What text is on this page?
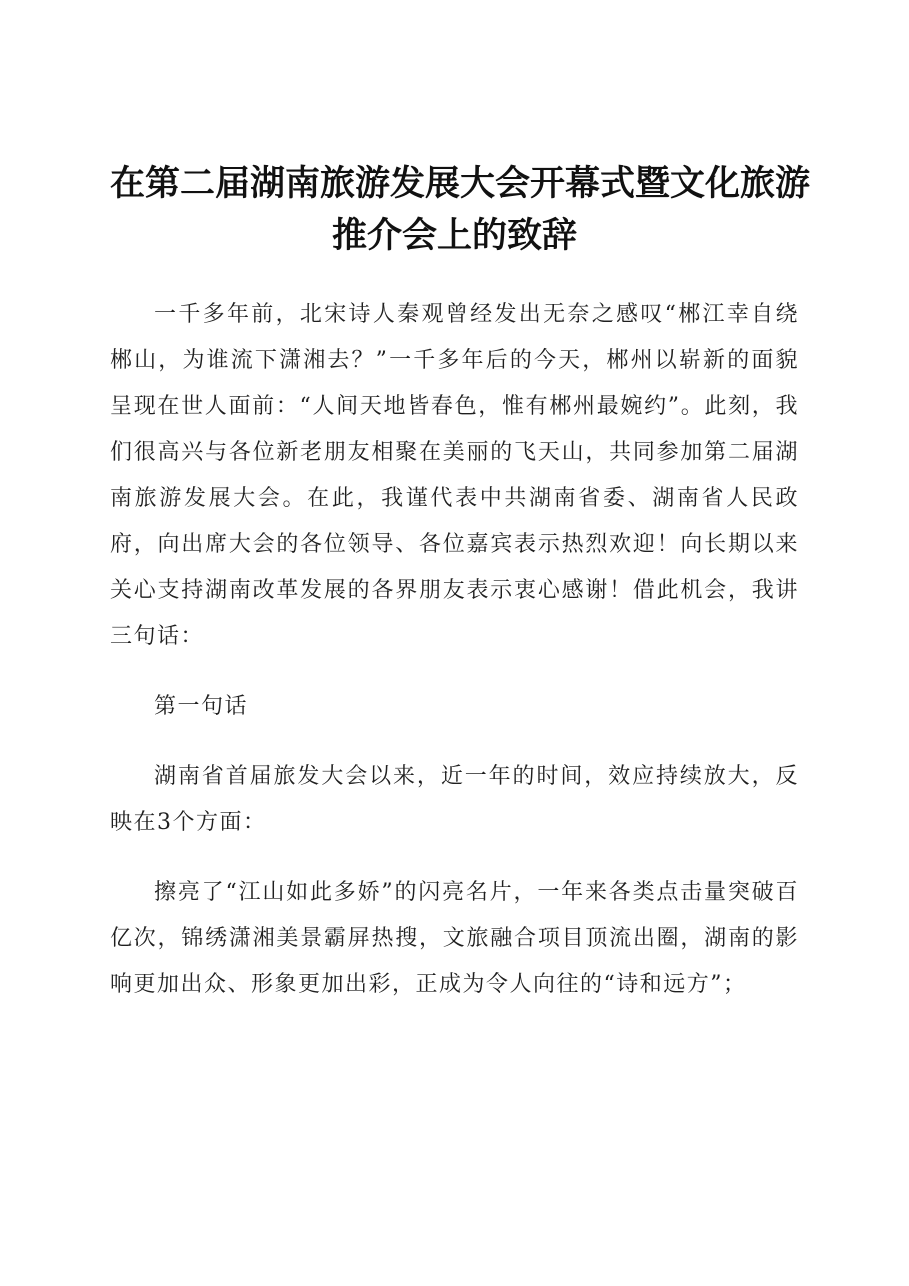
在第二届湖南旅游发展大会开幕式暨文化旅游
推介会上的致辞

一千多年前，北宋诗人秦观曾经发出无奈之感叹“郴江幸自绕郴山，为谁流下潇湘去？”一千多年后的今天，郴州以崭新的面貌呈现在世人面前：“人间天地皆春色，惟有郴州最婉约”。此刻，我们很高兴与各位新老朋友相聚在美丽的飞天山，共同参加第二届湖南旅游发展大会。在此，我谨代表中共湖南省委、湖南省人民政府，向出席大会的各位领导、各位嘉宾表示热烈欢迎！向长期以来关心支持湖南改革发展的各界朋友表示衷心感谢！借此机会，我讲三句话：

第一句话

湖南省首届旅发大会以来，近一年的时间，效应持续放大，反映在3个方面：

擦亮了“江山如此多娇”的闪亮名片，一年来各类点击量突破百亿次，锦绣潇湘美景霸屏热搜，文旅融合项目顶流出圈，湖南的影响更加出众、形象更加出彩，正成为令人向往的“诗和远方”；
